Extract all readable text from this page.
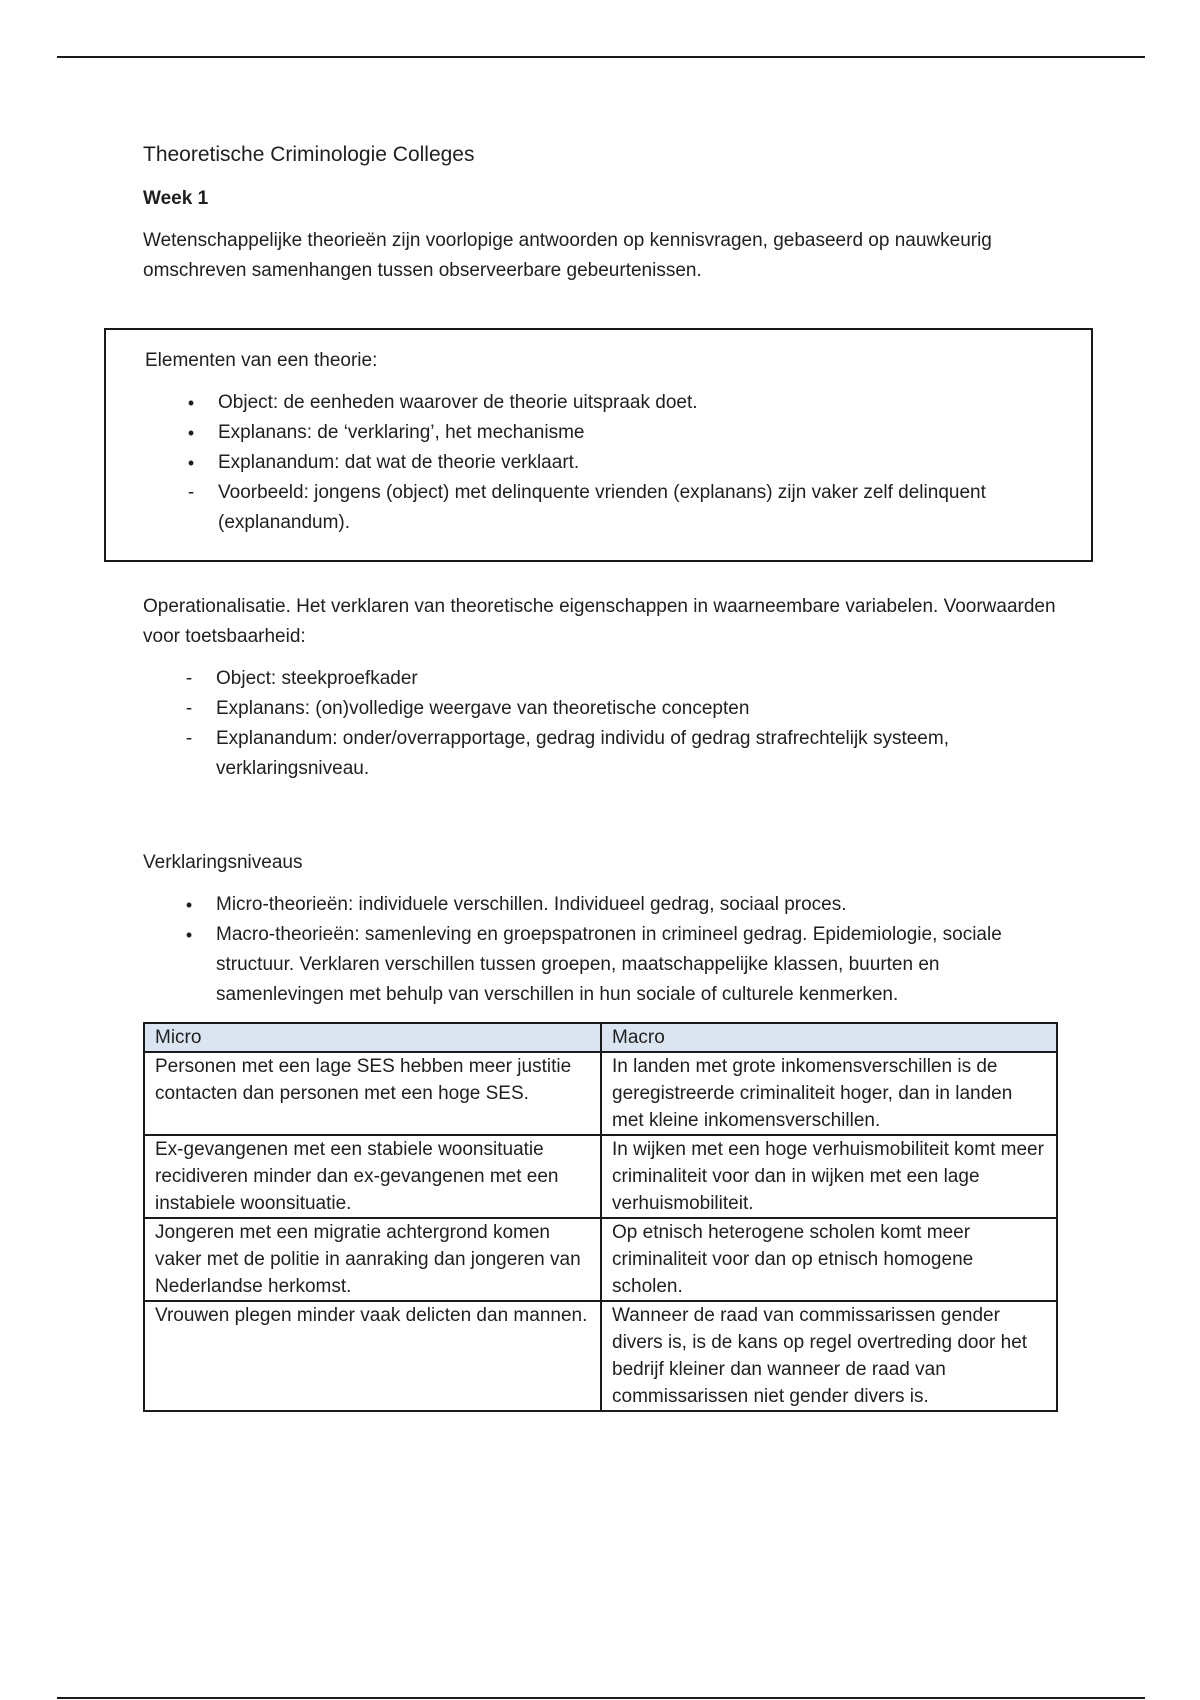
Theoretische Criminologie Colleges

Week 1

Wetenschappelijke theorieën zijn voorlopige antwoorden op kennisvragen, gebaseerd op nauwkeurig omschreven samenhangen tussen observeerbare gebeurtenissen.

Elementen van een theorie:

•	Object: de eenheden waarover de theorie uitspraak doet.
•	Explanans: de ‘verklaring’, het mechanisme
•	Explanandum: dat wat de theorie verklaart.
-	Voorbeeld: jongens (object) met delinquente vrienden (explanans) zijn vaker zelf delinquent (explanandum).

Operationalisatie. Het verklaren van theoretische eigenschappen in waarneembare variabelen. Voorwaarden voor toetsbaarheid:

-	Object: steekproefkader
-	Explanans: (on)volledige weergave van theoretische concepten
-	Explanandum: onder/overrapportage, gedrag individu of gedrag strafrechtelijk systeem, verklaringsniveau.

Verklaringsniveaus

•	Micro-theorieën: individuele verschillen. Individueel gedrag, sociaal proces.
•	Macro-theorieën: samenleving en groepspatronen in crimineel gedrag. Epidemiologie, sociale structuur. Verklaren verschillen tussen groepen, maatschappelijke klassen, buurten en samenlevingen met behulp van verschillen in hun sociale of culturele kenmerken.
Micro	Macro
Personen met een lage SES hebben meer justitie contacten dan personen met een hoge SES.	In landen met grote inkomensverschillen is de geregistreerde criminaliteit hoger, dan in landen met kleine inkomensverschillen.
Ex-gevangenen met een stabiele woonsituatie recidiveren minder dan ex-gevangenen met een instabiele woonsituatie.	In wijken met een hoge verhuismobiliteit komt meer criminaliteit voor dan in wijken met een lage verhuismobiliteit.
Jongeren met een migratie achtergrond komen vaker met de politie in aanraking dan jongeren van Nederlandse herkomst.	Op etnisch heterogene scholen komt meer criminaliteit voor dan op etnisch homogene scholen.
Vrouwen plegen minder vaak delicten dan mannen.	Wanneer de raad van commissarissen gender divers is, is de kans op regel overtreding door het bedrijf kleiner dan wanneer de raad van commissarissen niet gender divers is.
